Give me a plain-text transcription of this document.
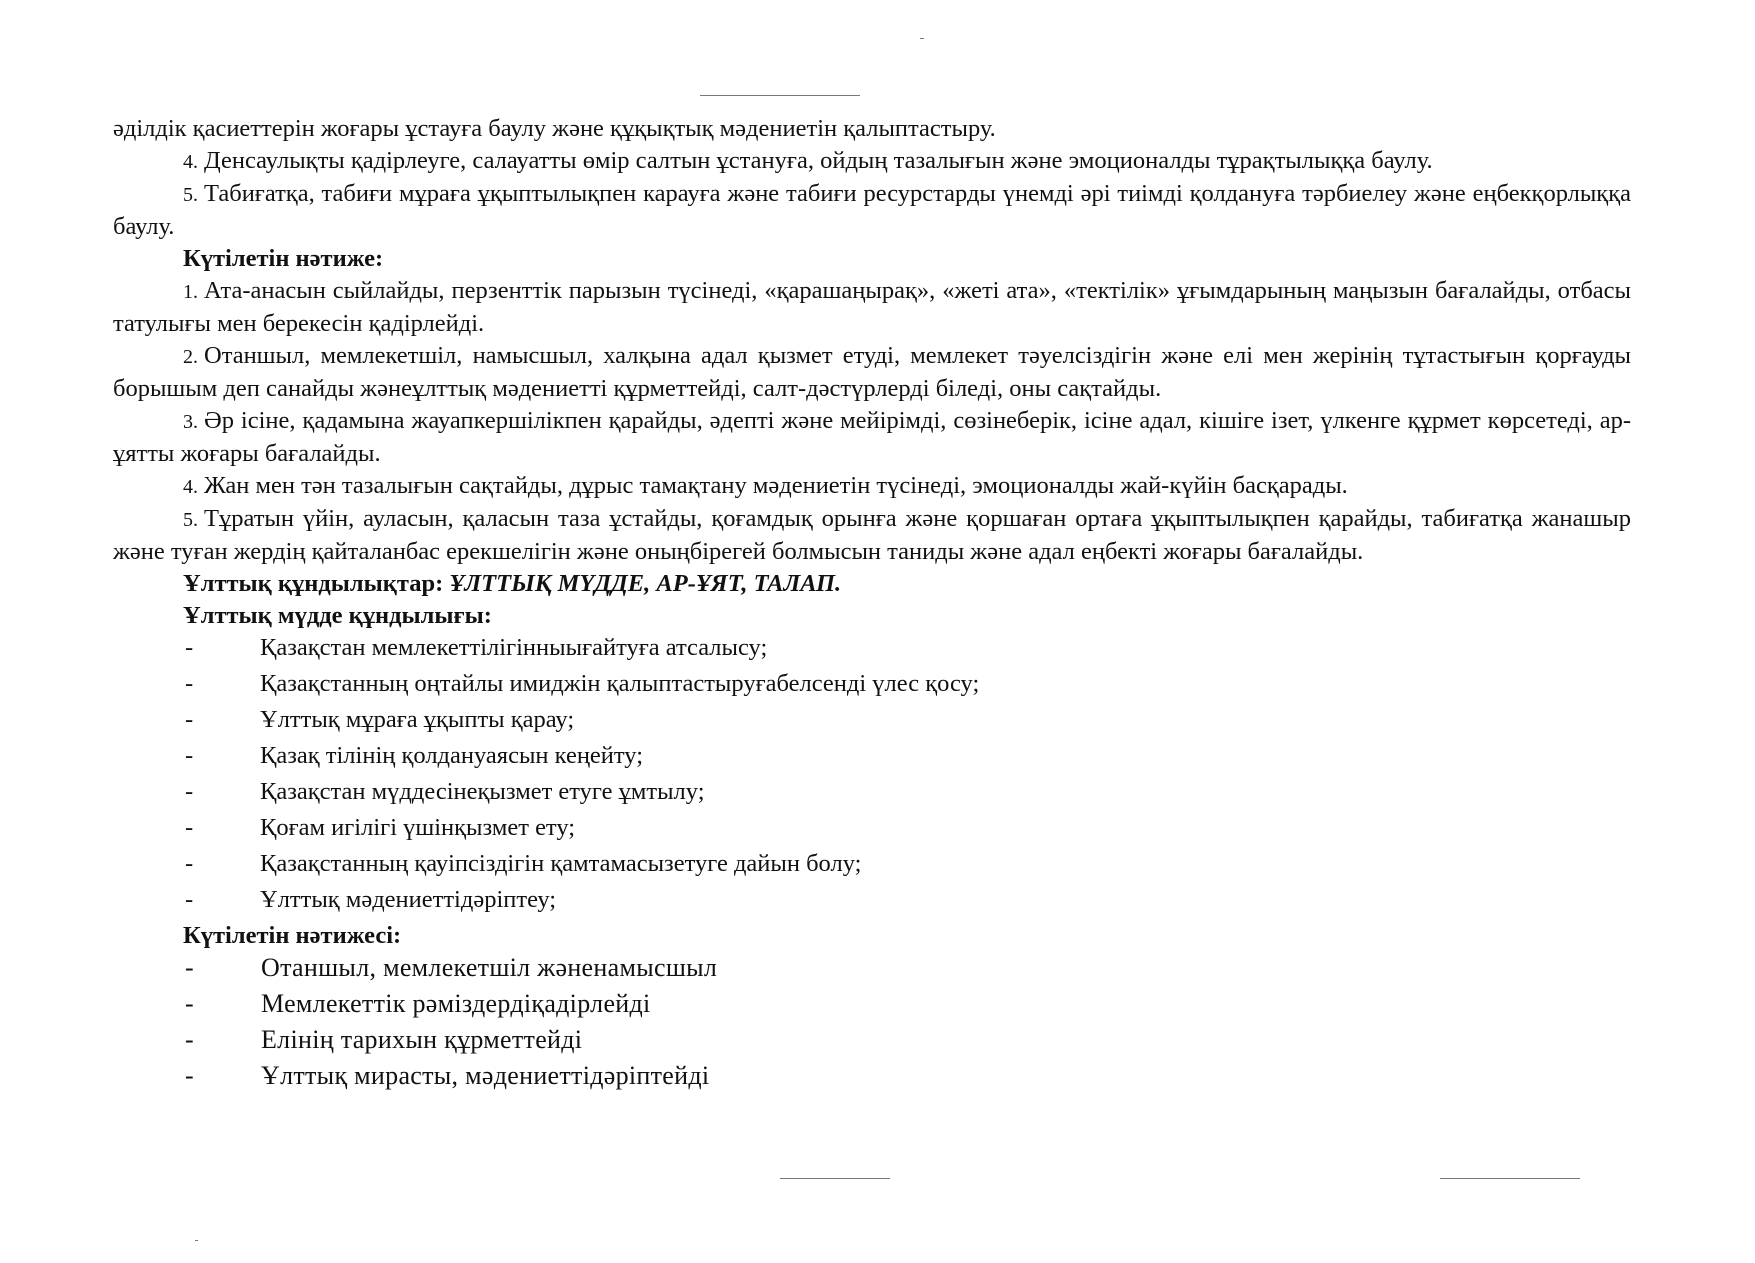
әділдік қасиеттерін жоғары ұстауға баулу және құқықтық мәдениетін қалыптастыру.

4. Денсаулықты қадірлеуге, салауатты өмір салтын ұстануға, ойдың тазалығын және эмоционалды тұрақтылыққа баулу.

5. Табиғатқа, табиғи мұраға ұқыптылықпен карауға және табиғи ресурстарды үнемді әрі тиімді қолдануға тәрбиелеу және еңбекқорлыққа баулу.

Күтілетін нәтиже:

1. Ата-анасын сыйлайды, перзенттік парызын түсінеді, «қарашаңырақ», «жеті ата», «тектілік» ұғымдарының маңызын бағалайды, отбасы татулығы мен берекесін қадірлейді.

2. Отаншыл, мемлекетшіл, намысшыл, халқына адал қызмет етуді, мемлекет тәуелсіздігін және елі мен жерінің тұтастығын қорғауды борышым деп санайды жәнеұлттық мәдениетті құрметтейді, салт-дәстүрлерді біледі, оны сақтайды.

3. Әр ісіне, қадамына жауапкершілікпен қарайды, әдепті және мейірімді, сөзінеберік, ісіне адал, кішіге ізет, үлкенге құрмет көрсетеді, ар-ұятты жоғары бағалайды.

4. Жан мен тән тазалығын сақтайды, дұрыс тамақтану мәдениетін түсінеді, эмоционалды жай-күйін басқарады.

5. Тұратын үйін, ауласын, қаласын таза ұстайды, қоғамдық орынға және қоршаған ортаға ұқыптылықпен қарайды, табиғатқа жанашыр және туған жердің қайталанбас ерекшелігін және оныңбірегей болмысын таниды және адал еңбекті жоғары бағалайды.

Ұлттық құндылықтар: ҰЛТТЫҚ МҮДДЕ, АР-ҰЯТ, ТАЛАП.

Ұлттық мүдде құндылығы:

-	Қазақстан мемлекеттілігінныығайтуға атсалысу;
-	Қазақстанның оңтайлы имиджін қалыптастыруғабелсенді үлес қосу;
-	Ұлттық мұраға ұқыпты қарау;
-	Қазақ тілінің қолдануаясын кеңейту;
-	Қазақстан мүддесінеқызмет етуге ұмтылу;
-	Қоғам игілігі үшінқызмет ету;
-	Қазақстанның қауіпсіздігін қамтамасызетуге дайын болу;
-	Ұлттық мәдениеттідәріптеу;

Күтілетін нәтижесі:

-	Отаншыл, мемлекетшіл жәненамысшыл
-	Мемлекеттік рәміздердіқадірлейді
-	Елінің тарихын құрметтейді
-	Ұлттық мирасты, мәдениеттідәріптейді
